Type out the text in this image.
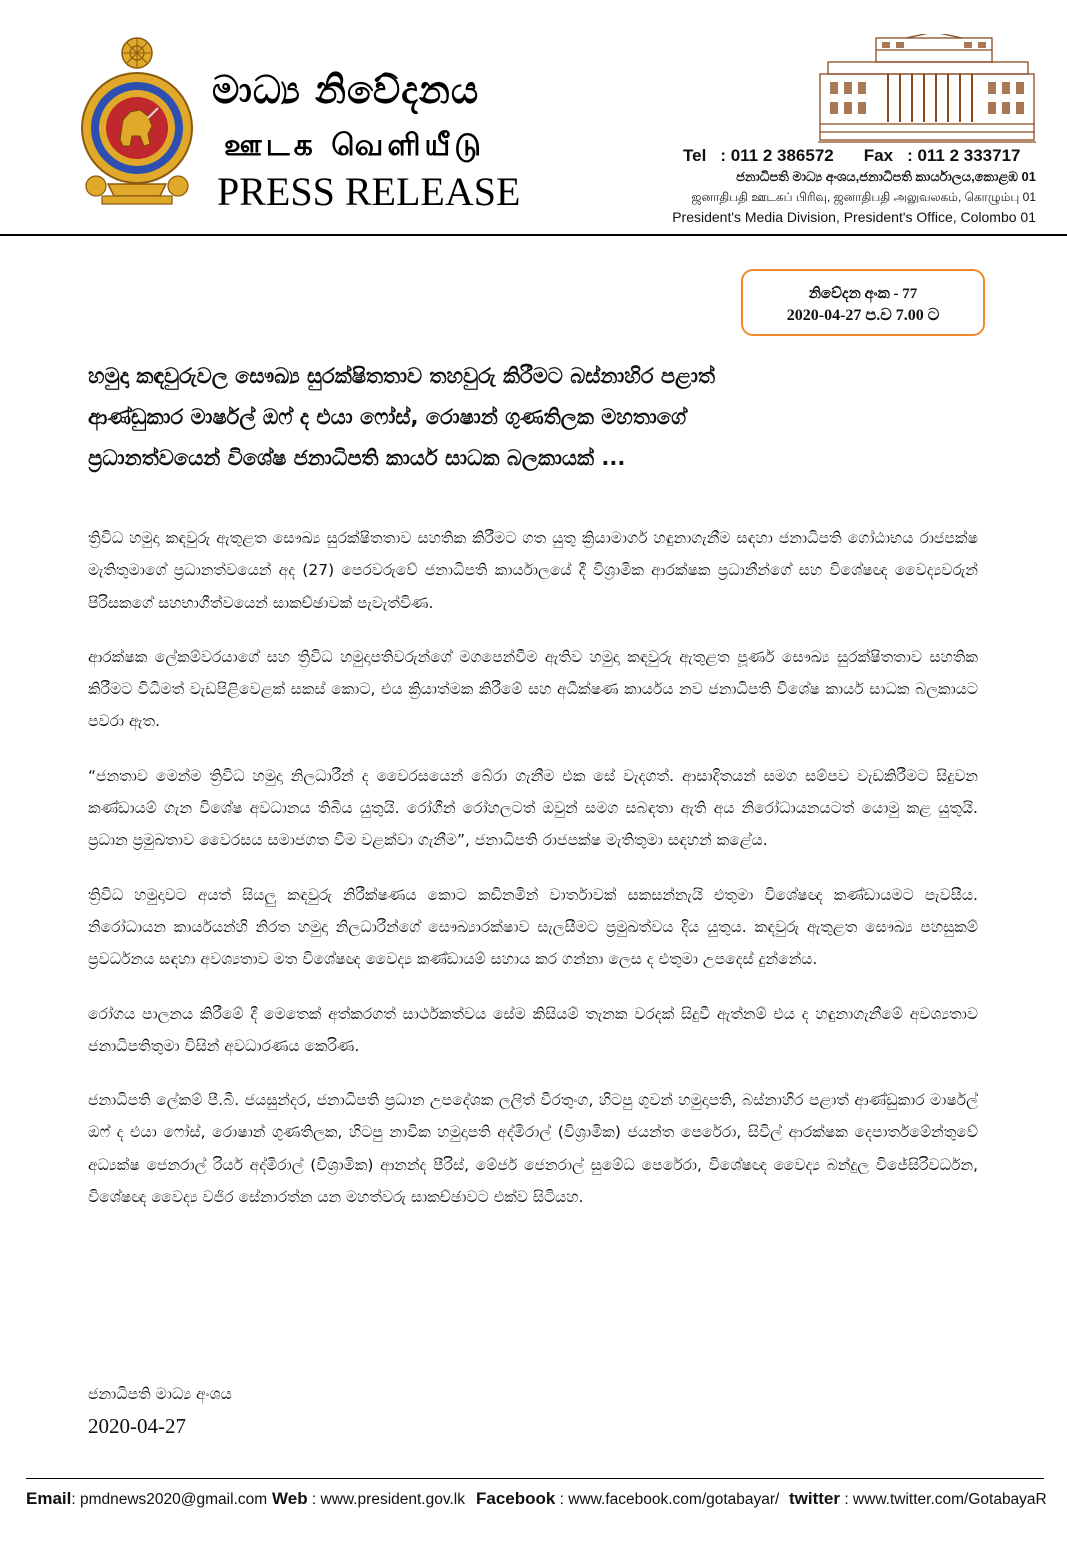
මාධ්‍ය නිවේදනය
ஊடக வெளியீடு
PRESS RELEASE
Tel : 011 2 386572 Fax : 011 2 333717
ජනාධිපති මාධ්‍ය අංශය,ජනාධිපති කාර්යාලය,කොළඹ 01
ஜனாதிபதி ஊடகப் பிரிவு, ஜனாதிபதி அலுவலகம், கொழும்பு 01
President's Media Division, President's Office, Colombo 01
නිවේදන අංක - 77
2020-04-27 ප.ව 7.00 ට
හමුදා කඳවුරුවල සෞඛ්‍ය සුරක්ෂිතතාව තහවුරු කිරීමට බස්නාහිර පළාත්
ආණ්ඩුකාර මාර්ෂල් ඔෆ් ද එයා ෆෝස්, රොෂාන් ගුණතිලක මහතාගේ
ප්‍රධානත්වයෙන් විශේෂ ජනාධිපති කාර්ය සාධක බලකායක් ...

ත්‍රිවිධ හමුදා කඳවුරු ඇතුළත සෞඛ්‍ය සුරක්ෂිතතාව සහතික කිරීමට ගත යුතු ක්‍රියාමාර්ග හඳුනාගැනීම සඳහා ජනාධිපති ගෝඨාභය රාජපක්ෂ මැතිතුමාගේ ප්‍රධානත්වයෙන් අද (27) පෙරවරුවේ ජනාධිපති කාර්යාලයේ දී විශ්‍රාමික ආරක්ෂක ප්‍රධානීන්ගේ සහ විශේෂඥ වෛද්‍යවරුන් පිරිසකගේ සහභාගීත්වයෙන් සාකච්ඡාවක් පැවැත්විණ.

ආරක්ෂක ලේකම්වරයාගේ සහ ත්‍රිවිධ හමුදාපතිවරුන්ගේ මගපෙන්වීම ඇතිව හමුදා කඳවුරු ඇතුළත පූර්ණ සෞඛ්‍ය සුරක්ෂිතතාව සහතික කිරීමට විධිමත් වැඩපිළිවෙළක් සකස් කොට, එය ක්‍රියාත්මක කිරීමේ සහ අධීක්ෂණ කාර්යය නව ජනාධිපති විශේෂ කාර්ය සාධක බලකායට පවරා ඇත.

“ජනතාව මෙන්ම ත්‍රිවිධ හමුදා නිලධාරීන් ද වෛරසයෙන් බේරා ගැනීම එක සේ වැදගත්. ආසාදිතයන් සමග සම්පව වැඩකිරීමට සිදුවන කණ්ඩායම් ගැන විශේෂ අවධානය තිබිය යුතුයි. රෝගීන් රෝහලටත් ඔවුන් සමග සබඳතා ඇති අය නිරෝධායනයටත් යොමු කළ යුතුයි. ප්‍රධාන ප්‍රමුඛතාව වෛරසය සමාජගත වීම වළක්වා ගැනීම”, ජනාධිපති රාජපක්ෂ මැතිතුමා සඳහන් කළේය.

ත්‍රිවිධ හමුදාවට අයත් සියලු කඳවුරු නිරීක්ෂණය කොට කඩිනමින් වාර්තාවක් සකසන්නැයි එතුමා විශේෂඥ කණ්ඩායමට පැවසීය. නිරෝධායන කාර්යයන්හි නිරත හමුදා නිලධාරීන්ගේ සෞඛ්‍යාරක්ෂාව සැලසීමට ප්‍රමුඛත්වය දිය යුතුය. කඳවුරු ඇතුළත සෞඛ්‍ය පහසුකම් ප්‍රවර්ධනය සඳහා අවශ්‍යතාව මත විශේෂඥ වෛද්‍ය කණ්ඩායම් සහාය කර ගන්නා ලෙස ද එතුමා උපදෙස් දුන්නේය.

රෝගය පාලනය කිරීමේ දී මෙතෙක් අත්කරගත් සාර්ථකත්වය සේම කිසියම් තැනක වරදක් සිදුවී ඇත්නම් එය ද හඳුනාගැනීමේ අවශ්‍යතාව ජනාධිපතිතුමා විසින් අවධාරණය කෙරිණ.

ජනාධිපති ලේකම් පී.බී. ජයසුන්දර, ජනාධිපති ප්‍රධාන උපදේශක ලලිත් වීරතුංග, හිටපු ගුවන් හමුදාපති, බස්නාහිර පළාත් ආණ්ඩුකාර මාර්ෂල් ඔෆ් ද එයා ෆෝස්, රොෂාන් ගුණතිලක, හිටපු නාවික හමුදාපති අද්මිරාල් (විශ්‍රාමික) ජයන්ත පෙරේරා, සිවිල් ආරක්ෂක දෙපාර්තමේන්තුවේ අධ්‍යක්ෂ ජෙනරාල් රියර් අද්මිරාල් (විශ්‍රාමික) ආනන්ද පීරිස්, මේජර් ජෙනරාල් සුමේධ පෙරේරා, විශේෂඥ වෛද්‍ය බන්දුල විජේසිරිවර්ධන, විශේෂඥ වෛද්‍ය වජිර සේනාරත්න යන මහත්වරු සාකච්ඡාවට එක්ව සිටියහ.

ජනාධිපති මාධ්‍ය අංශය
2020-04-27
Email: pmdnews2020@gmail.com Web : www.president.gov.lk Facebook : www.facebook.com/gotabayar/ twitter : www.twitter.com/GotabayaR
